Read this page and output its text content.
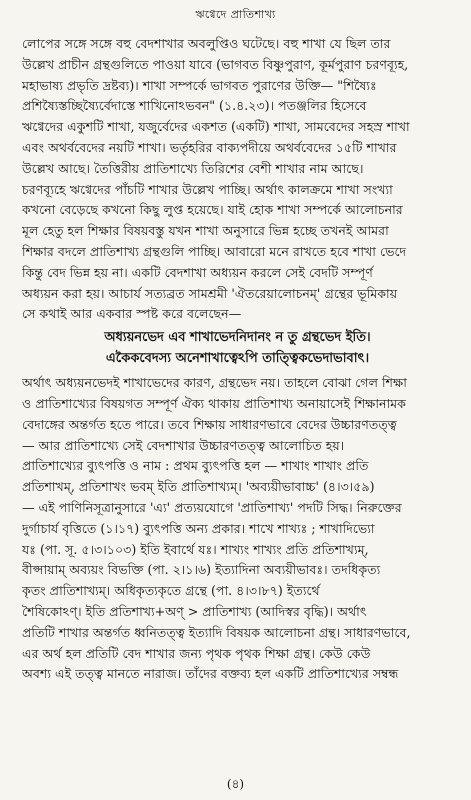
ঋগ্বেদে প্রাতিশাখ্য

লোপের সঙ্গে সঙ্গে বহু বেদশাখার অবলুপ্তিও ঘটেছে। বহু শাখা যে ছিল তার
উল্লেখ প্রাচীন গ্রন্থগুলিতে পাওয়া যাবে (ভাগবত বিষ্ণুপুরাণ, কূর্মপুরাণ চরণব্যূহ,
মহাভাষ্য প্রভৃতি দ্রষ্টব্য)। শাখা সম্পর্কে ভাগবত পুরাণের উক্তি— "শিষ্যৈঃ
প্রশিষ্যৈস্তচ্ছিষ্যৈর্বেদাস্তে শাখিনোঽভবন" (১.৪.২৩)। পতঞ্জলির হিসেবে
ঋগ্বেদের একুশটি শাখা, যজুর্বেদের একশত (একটি) শাখা, সামবেদের সহস্র শাখা
এবং অথর্ববেদের নয়টি শাখা। ভর্তৃহরির বাক্যপদীয়ে অথর্ববেদের ১৫টি শাখার
উল্লেখ আছে। তৈত্তিরীয় প্রাতিশাখ্যে তিরিশের বেশী শাখার নাম আছে।
চরণব্যূহে ঋগ্বেদের পাঁচটি শাখার উল্লেখ পাচ্ছি। অর্থাৎ কালক্রমে শাখা সংখ্যা
কখনো বেড়েছে কখনো কিছু লুপ্ত হয়েছে। যাই হোক শাখা সম্পর্কে আলোচনার
মূল হেতু হল শিক্ষার বিষয়বস্তু যখন শাখা অনুসারে ভিন্ন হচ্ছে তখনই আমরা
শিক্ষার বদলে প্রাতিশাখ্য গ্রন্থগুলি পাচ্ছি। আবারো মনে রাখতে হবে শাখা ভেদে
কিন্তু বেদ ভিন্ন হয় না। একটি বেদশাখা অধ্যয়ন করলে সেই বেদটি সম্পূর্ণ
অধ্যয়ন করা হয়। আচার্য সত্যব্রত সামশ্রমী 'ঐতরেয়ালোচনম্' গ্রন্থের ভূমিকায়
সে কথাই আর একবার স্পষ্ট করে বলেছেন—

অধ্যয়নভেদ এব শাখাভেদনিদানং ন তু গ্রন্থভেদ ইতি।
একৈকবেদস্য অনেশাখাত্বেঽপি তাত্ত্বিকভেদাভাবাৎ।

অর্থাৎ অধ্যয়নভেদই শাখাভেদের কারণ, গ্রন্থভেদ নয়। তাহলে বোঝা গেল শিক্ষা
ও প্রাতিশাখ্যের বিষয়গত সম্পূর্ণ ঐক্য থাকায় প্রাতিশাখ্য অনায়াসেই শিক্ষানামক
বেদাঙ্গের অন্তর্গত হতে পারে। তবে শিক্ষায় সাধারণভাবে বেদের উচ্চারণতত্ত্ব
— আর প্রাতিশাখ্যে সেই বেদশাখার উচ্চারণতত্ত্ব আলোচিত হয়।

প্রাতিশাখ্যের ব্যুৎপত্তি ও নাম : প্রথম ব্যুৎপত্তি হল — শাখাং শাখাং প্রতি
প্রতিশাখম্, প্রতিশাখং ভবম্ ইতি প্রাতিশাখ্যম্। 'অব্যয়ীভাবাচ্চ' (৪।৩।৫৯)
— এই পাণিনিসূত্রানুসারে 'এ্য' প্রত্যয়যোগে 'প্রাতিশাখ্য' পদটি সিদ্ধ। নিরুক্তের
দুর্গাচার্য বৃত্তিতে (১।১৭) ব্যুৎপত্তি অন্য প্রকার। শাখে শাখ্যঃ ; শাখাদিভ্যো
যঃ (পা. সূ. ৫।৩।১০৩) ইতি ইবার্থে যঃ। শাখ্যং শাখ্যং প্রতি প্রতিশাখ্যম্,
বীপ্সায়াম্ অব্যয়ং বিভক্তি (পা. ২।১।৬) ইত্যাদিনা অব্যয়ীভাবঃ। তদধিকৃত্য
কৃতং প্রাতিশাখ্যম্। অধিকৃত্যকৃতে গ্রন্থে (পা. ৪।৩।৮৭) ইত্যর্থে
শৈষিকোঽণ্। ইতি প্রতিশাখ্য+অণ্ > প্রাতিশাখ্য (আদিস্বর বৃদ্ধি)। অর্থাৎ
প্রতিটি শাখার অন্তর্গত ধ্বনিতত্ত্ব ইত্যাদি বিষয়ক আলোচনা গ্রন্থ। সাধারণভাবে,
এর অর্থ হল প্রতিটি বেদ শাখার জন্য পৃথক পৃথক শিক্ষা গ্রন্থ। কেউ কেউ
অবশ্য এই তত্ত্ব মানতে নারাজ। তাঁদের বক্তব্য হল একটি প্রাতিশাখ্যের সম্বন্ধ

(৪)
